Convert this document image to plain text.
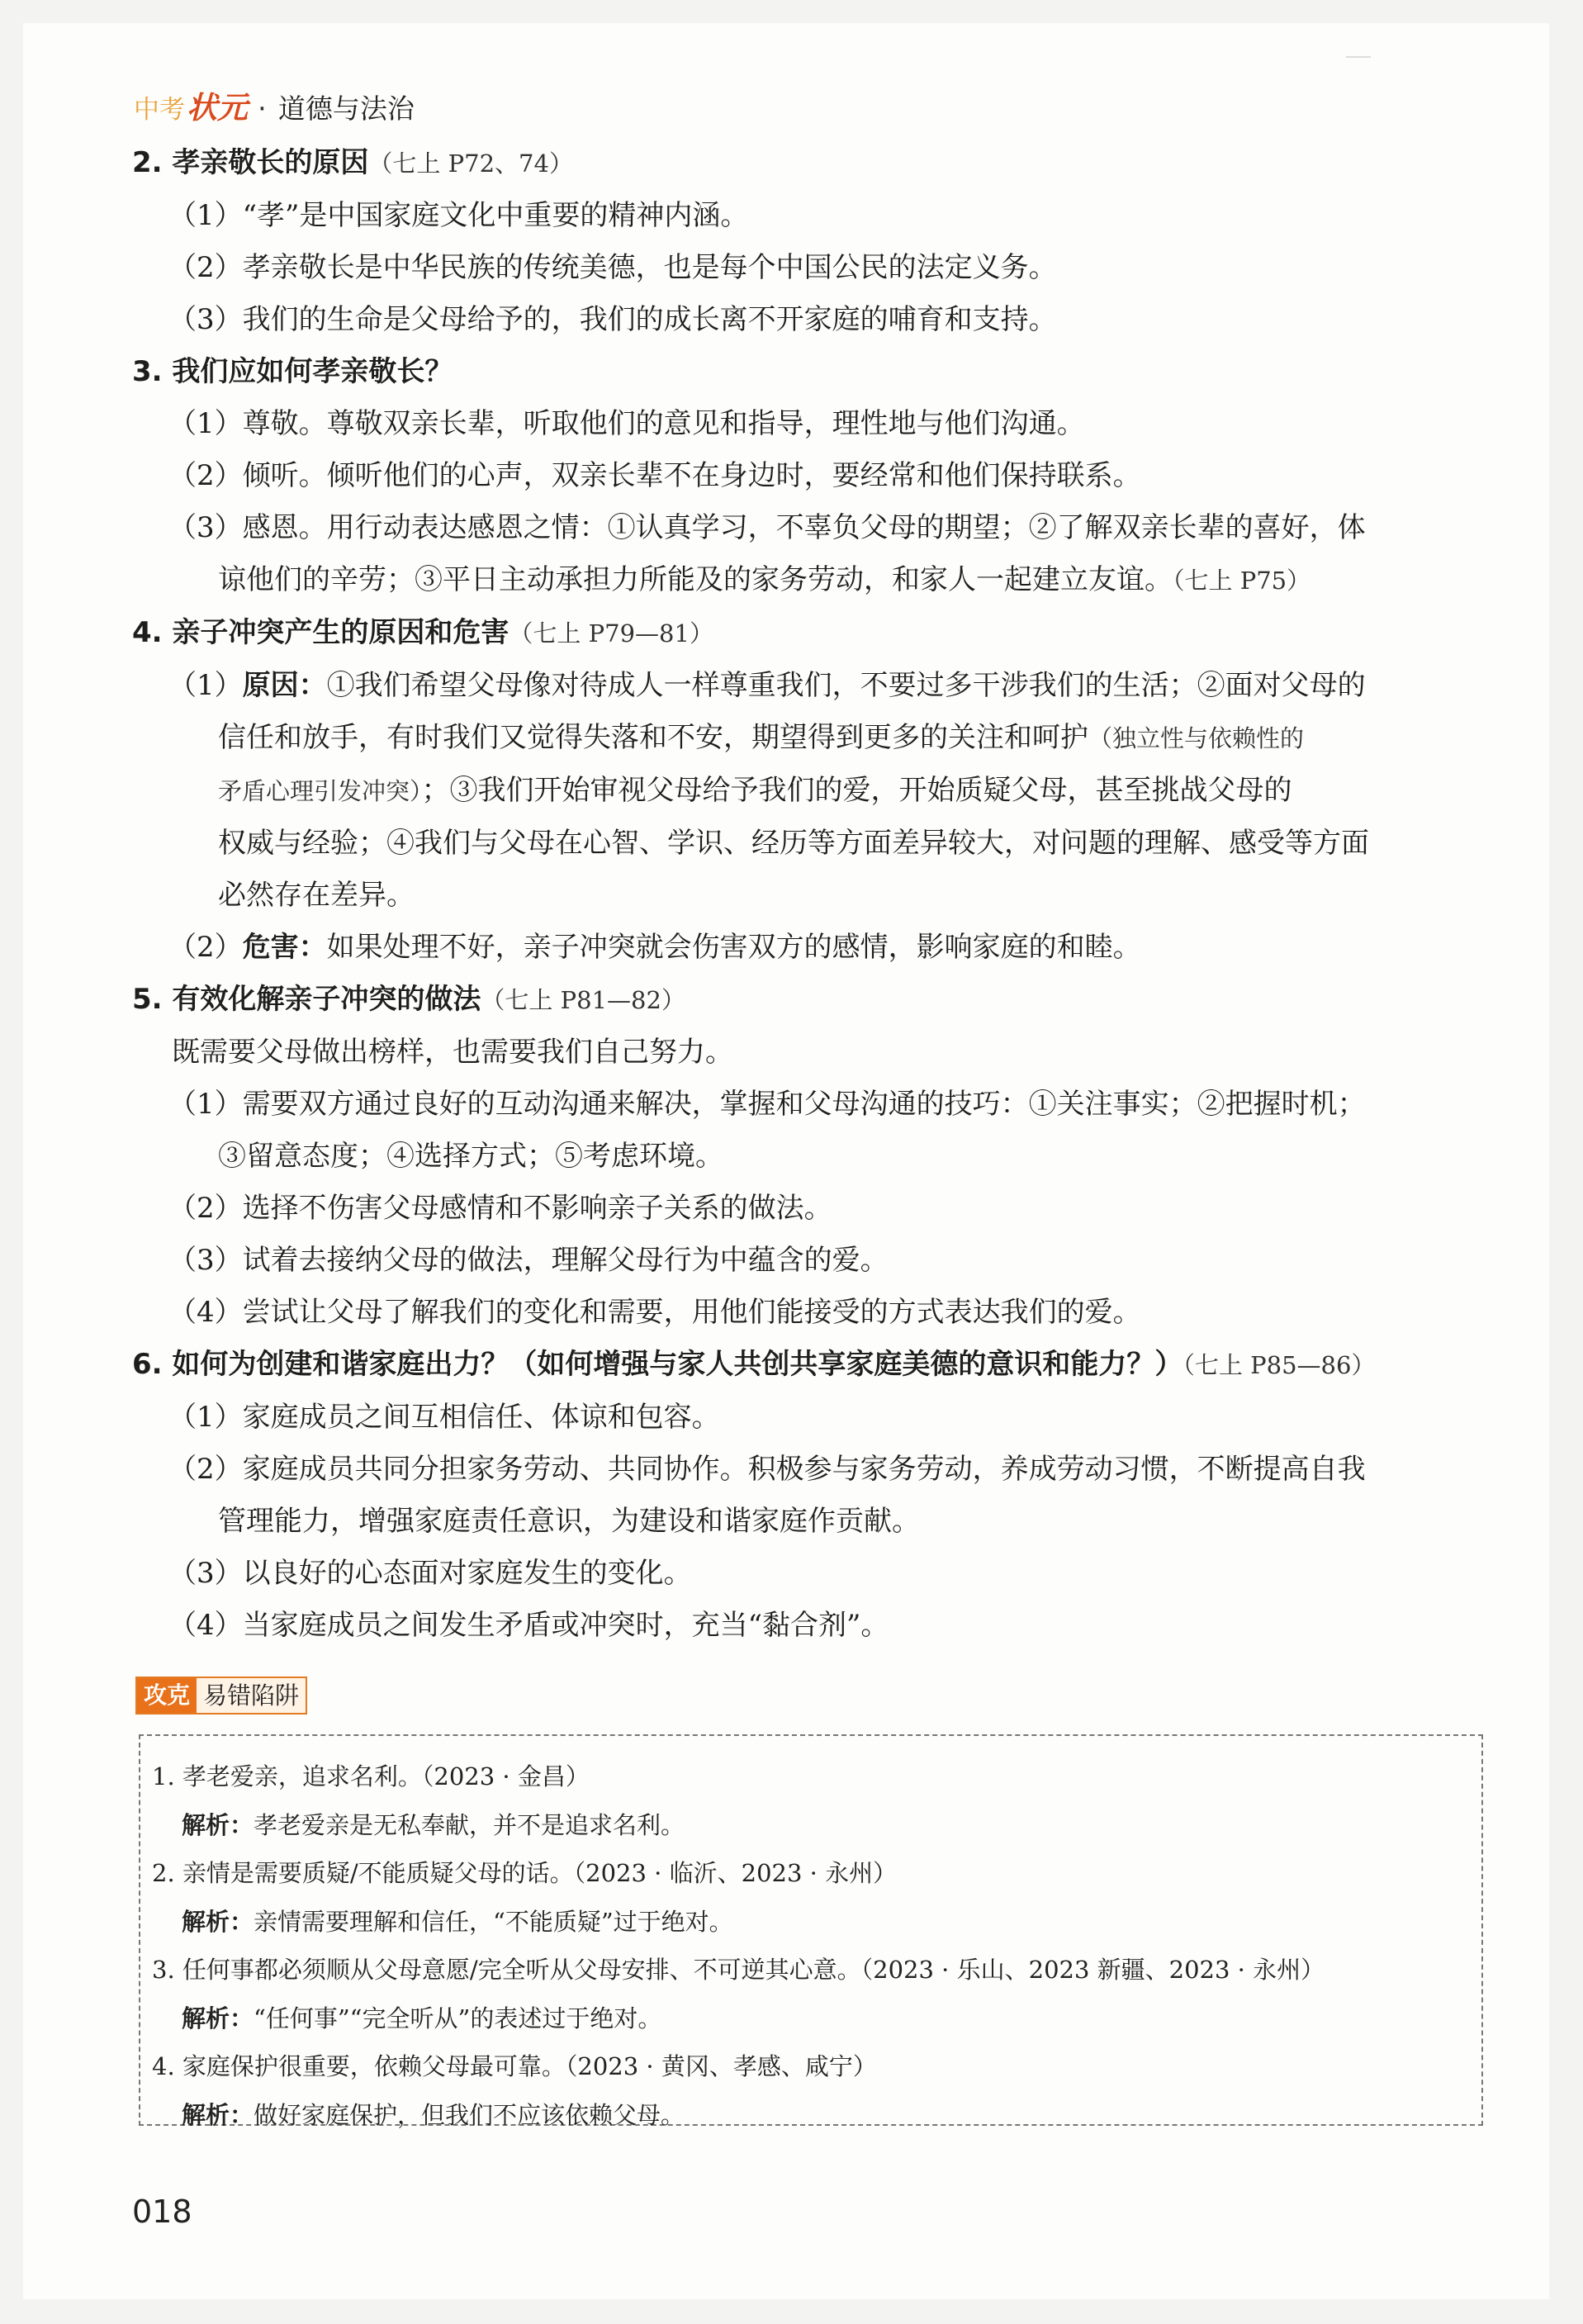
中考 状元 · 道德与法治
2. 孝亲敬长的原因（七上 P72、74）
（1）“孝”是中国家庭文化中重要的精神内涵。
（2）孝亲敬长是中华民族的传统美德，也是每个中国公民的法定义务。
（3）我们的生命是父母给予的，我们的成长离不开家庭的哺育和支持。
3. 我们应如何孝亲敬长？
（1）尊敬。尊敬双亲长辈，听取他们的意见和指导，理性地与他们沟通。
（2）倾听。倾听他们的心声，双亲长辈不在身边时，要经常和他们保持联系。
（3）感恩。用行动表达感恩之情：①认真学习，不辜负父母的期望；②了解双亲长辈的喜好，体
谅他们的辛劳；③平日主动承担力所能及的家务劳动，和家人一起建立友谊。（七上 P75）
4. 亲子冲突产生的原因和危害（七上 P79—81）
（1）原因：①我们希望父母像对待成人一样尊重我们，不要过多干涉我们的生活；②面对父母的
信任和放手，有时我们又觉得失落和不安，期望得到更多的关注和呵护（独立性与依赖性的
矛盾心理引发冲突）；③我们开始审视父母给予我们的爱，开始质疑父母，甚至挑战父母的
权威与经验；④我们与父母在心智、学识、经历等方面差异较大，对问题的理解、感受等方面
必然存在差异。
（2）危害：如果处理不好，亲子冲突就会伤害双方的感情，影响家庭的和睦。
5. 有效化解亲子冲突的做法（七上 P81—82）
既需要父母做出榜样，也需要我们自己努力。
（1）需要双方通过良好的互动沟通来解决，掌握和父母沟通的技巧：①关注事实；②把握时机；
③留意态度；④选择方式；⑤考虑环境。
（2）选择不伤害父母感情和不影响亲子关系的做法。
（3）试着去接纳父母的做法，理解父母行为中蕴含的爱。
（4）尝试让父母了解我们的变化和需要，用他们能接受的方式表达我们的爱。
6. 如何为创建和谐家庭出力？（如何增强与家人共创共享家庭美德的意识和能力？）（七上 P85—86）
（1）家庭成员之间互相信任、体谅和包容。
（2）家庭成员共同分担家务劳动、共同协作。积极参与家务劳动，养成劳动习惯，不断提高自我
管理能力，增强家庭责任意识，为建设和谐家庭作贡献。
（3）以良好的心态面对家庭发生的变化。
（4）当家庭成员之间发生矛盾或冲突时，充当“黏合剂”。
攻克 易错陷阱
1. 孝老爱亲，追求名利。（2023 · 金昌）
解析：孝老爱亲是无私奉献，并不是追求名利。
2. 亲情是需要质疑/不能质疑父母的话。（2023 · 临沂、2023 · 永州）
解析：亲情需要理解和信任，“不能质疑”过于绝对。
3. 任何事都必须顺从父母意愿/完全听从父母安排、不可逆其心意。（2023 · 乐山、2023 新疆、2023 · 永州）
解析：“任何事”“完全听从”的表述过于绝对。
4. 家庭保护很重要，依赖父母最可靠。（2023 · 黄冈、孝感、咸宁）
解析：做好家庭保护，但我们不应该依赖父母。
018
